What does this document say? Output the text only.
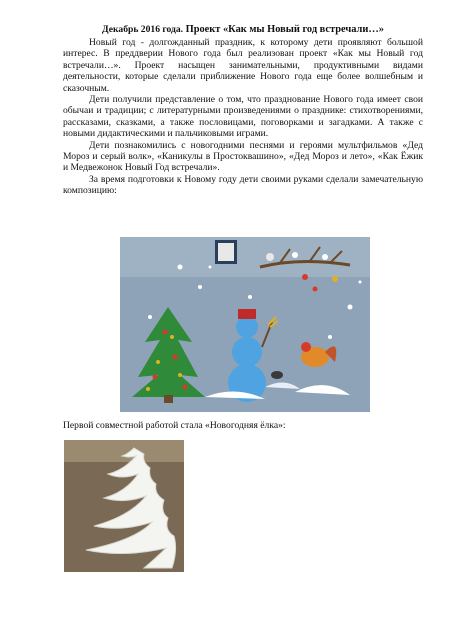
Декабрь 2016 года. Проект «Как мы Новый год встречали…»

Новый год - долгожданный праздник, к которому дети проявляют большой интерес. В преддверии Нового года был реализован проект «Как мы Новый год встречали…». Проект насыщен занимательными, продуктивными видами деятельности, которые сделали приближение Нового года еще более волшебным и сказочным.

Дети получили представление о том, что празднование Нового года имеет свои обычаи и традиции; с литературными произведениями о празднике: стихотворениями, рассказами, сказками, а также пословицами, поговорками и загадками. А также с новыми дидактическими и пальчиковыми играми.

Дети познакомились с новогодними песнями и героями мультфильмов «Дед Мороз и серый волк», «Каникулы в Простоквашино», «Дед Мороз и лето», «Как Ёжик и Медвежонок Новый Год встречали».

За время подготовки к Новому году дети своими руками сделали замечательную композицию:

Первой совместной работой стала «Новогодняя ёлка»:
